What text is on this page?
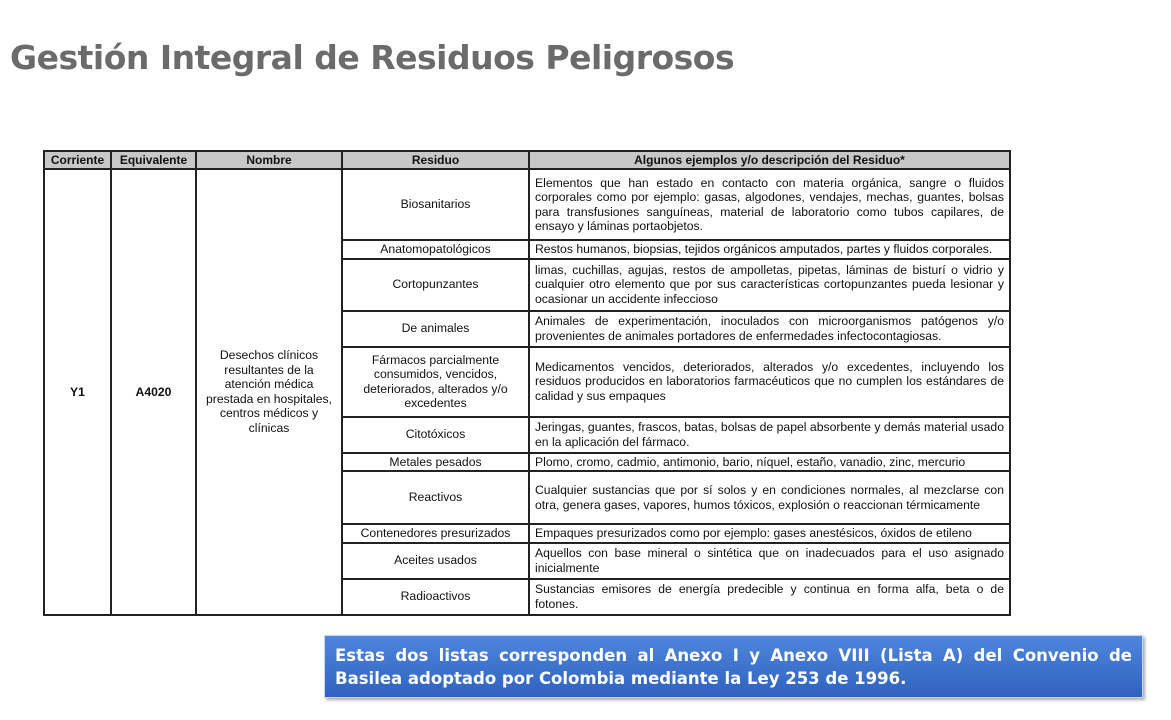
Gestión Integral de Residuos Peligrosos
Corriente	Equivalente	Nombre	Residuo	Algunos ejemplos y/o descripción del Residuo*
Y1	A4020	Desechos clínicos resultantes de la atención médica prestada en hospitales, centros médicos y clínicas	Biosanitarios	Elementos que han estado en contacto con materia orgánica, sangre o fluidos corporales como por ejemplo: gasas, algodones, vendajes, mechas, guantes, bolsas para transfusiones sanguíneas, material de laboratorio como tubos capilares, de ensayo y láminas portaobjetos.
			Anatomopatológicos	Restos humanos, biopsias, tejidos orgánicos amputados, partes y fluidos corporales.
			Cortopunzantes	limas, cuchillas, agujas, restos de ampolletas, pipetas, láminas de bisturí o vidrio y cualquier otro elemento que por sus características cortopunzantes pueda lesionar y ocasionar un accidente infeccioso
			De animales	Animales de experimentación, inoculados con microorganismos patógenos y/o provenientes de animales portadores de enfermedades infectocontagiosas.
			Fármacos parcialmente consumidos, vencidos, deteriorados, alterados y/o excedentes	Medicamentos vencidos, deteriorados, alterados y/o excedentes, incluyendo los residuos producidos en laboratorios farmacéuticos que no cumplen los estándares de calidad y sus empaques
			Citotóxicos	Jeringas, guantes, frascos, batas, bolsas de papel absorbente y demás material usado en la aplicación del fármaco.
			Metales pesados	Plomo, cromo, cadmio, antimonio, bario, níquel, estaño, vanadio, zinc, mercurio
			Reactivos	Cualquier sustancias que por sí solos y en condiciones normales, al mezclarse con otra, genera gases, vapores, humos tóxicos, explosión o reaccionan térmicamente
			Contenedores presurizados	Empaques presurizados como por ejemplo: gases anestésicos, óxidos de etileno
			Aceites usados	Aquellos con base mineral o sintética que on inadecuados para el uso asignado inicialmente
			Radioactivos	Sustancias emisores de energía predecible y continua en forma alfa, beta o de fotones.
Estas dos listas corresponden al Anexo I y Anexo VIII (Lista A) del Convenio de Basilea adoptado por Colombia mediante la Ley 253 de 1996.
